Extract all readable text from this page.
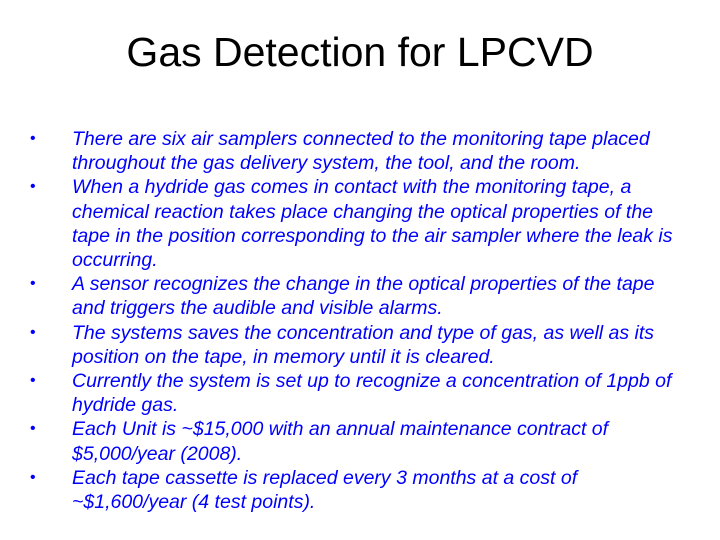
Gas Detection for LPCVD
• There are six air samplers connected to the monitoring tape placed throughout the gas delivery system, the tool, and the room.
• When a hydride gas comes in contact with the monitoring tape, a chemical reaction takes place changing the optical properties of the tape in the position corresponding to the air sampler where the leak is occurring.
• A sensor recognizes the change in the optical properties of the tape and triggers the audible and visible alarms.
• The systems saves the concentration and type of gas, as well as its position on the tape, in memory until it is cleared.
• Currently the system is set up to recognize a concentration of 1ppb of hydride gas.
• Each Unit is ~$15,000 with an annual maintenance contract of $5,000/year (2008).
• Each tape cassette is replaced every 3 months at a cost of ~$1,600/year (4 test points).
